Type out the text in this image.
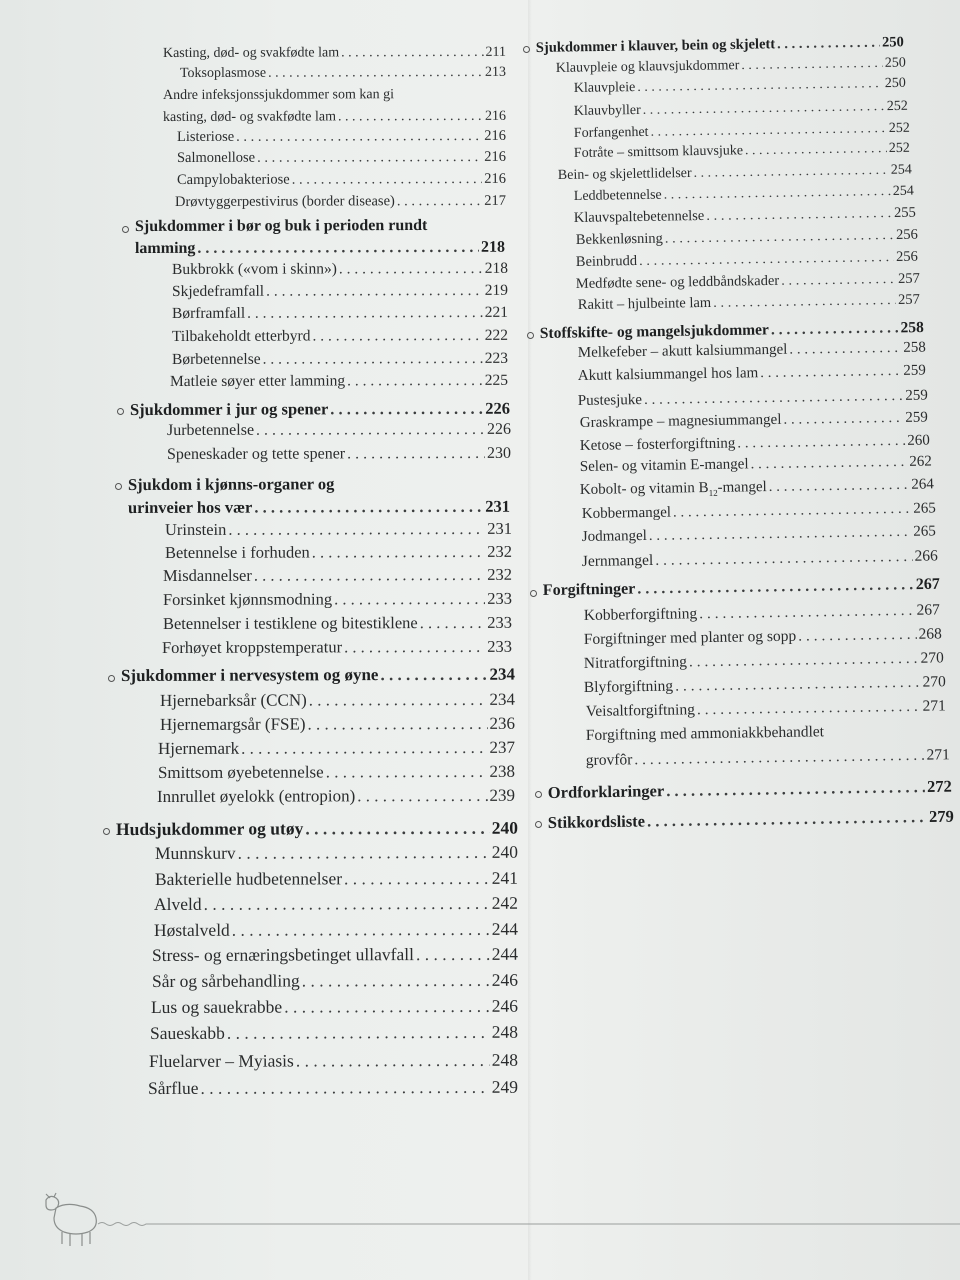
Kasting, død- og svakfødte lam . . .	211
Toksoplasmose . . .	213
Andre infeksjonssjukdommer som kan gi
kasting, død- og svakfødte lam . . .	216
Listeriose . . .	216
Salmonellose . . .	216
Campylobakteriose . . .	216
Drøvtyggerpestivirus (border disease) . . .	217
Sjukdommer i bør og buk i perioden rundt
lamming . . .	218
Bukbrokk («vom i skinn») . . .	218
Skjedeframfall . . .	219
Børframfall . . .	221
Tilbakeholdt etterbyrd . . .	222
Børbetennelse . . .	223
Matleie søyer etter lamming . . .	225
Sjukdommer i jur og spener . . .	226
Jurbetennelse . . .	226
Speneskader og tette spener . . .	230
Sjukdom i kjønns-organer og
urinveier hos vær . . .	231
Urinstein . . .	231
Betennelse i forhuden . . .	232
Misdannelser . . .	232
Forsinket kjønnsmodning . . .	233
Betennelser i testiklene og bitestiklene . . .	233
Forhøyet kroppstemperatur . . .	233
Sjukdommer i nervesystem og øyne . . .	234
Hjernebarksår (CCN) . . .	234
Hjernemargsår (FSE) . . .	236
Hjernemark . . .	237
Smittsom øyebetennelse . . .	238
Innrullet øyelokk (entropion) . . .	239
Hudsjukdommer og utøy . . .	240
Munnskurv . . .	240
Bakterielle hudbetennelser . . .	241
Alveld . . .	242
Høstalveld . . .	244
Stress- og ernæringsbetinget ullavfall . . .	244
Sår og sårbehandling . . .	246
Lus og sauekrabbe . . .	246
Saueskabb . . .	248
Fluelarver – Myiasis . . .	248
Sårflue . . .	249
Sjukdommer i klauver, bein og skjelett . . .	250
Klauvpleie og klauvsjukdommer . . .	250
Klauvpleie . . .	250
Klauvbyller . . .	252
Forfangenhet . . .	252
Fotråte – smittsom klauvsjuke . . .	252
Bein- og skjelettlidelser . . .	254
Leddbetennelse . . .	254
Klauvspaltebetennelse . . .	255
Bekkenløsning . . .	256
Beinbrudd . . .	256
Medfødte sene- og leddbåndskader . . .	257
Rakitt – hjulbeinte lam . . .	257
Stoffskifte- og mangelsjukdommer . . .	258
Melkefeber – akutt kalsiummangel . . .	258
Akutt kalsiummangel hos lam . . .	259
Pustesjuke . . .	259
Graskrampe – magnesiummangel . . .	259
Ketose – fosterforgiftning . . .	260
Selen- og vitamin E-mangel . . .	262
Kobolt- og vitamin $B_{12}$-mangel . . .	264
Kobbermangel . . .	265
Jodmangel . . .	265
Jernmangel . . .	266
Forgiftninger . . .	267
Kobberforgiftning . . .	267
Forgiftninger med planter og sopp . . .	268
Nitratforgiftning . . .	270
Blyforgiftning . . .	270
Veisaltforgiftning . . .	271
Forgiftning med ammoniakkbehandlet
grovfôr . . .	271
Ordforklaringer . . .	272
Stikkordsliste . . .	279
